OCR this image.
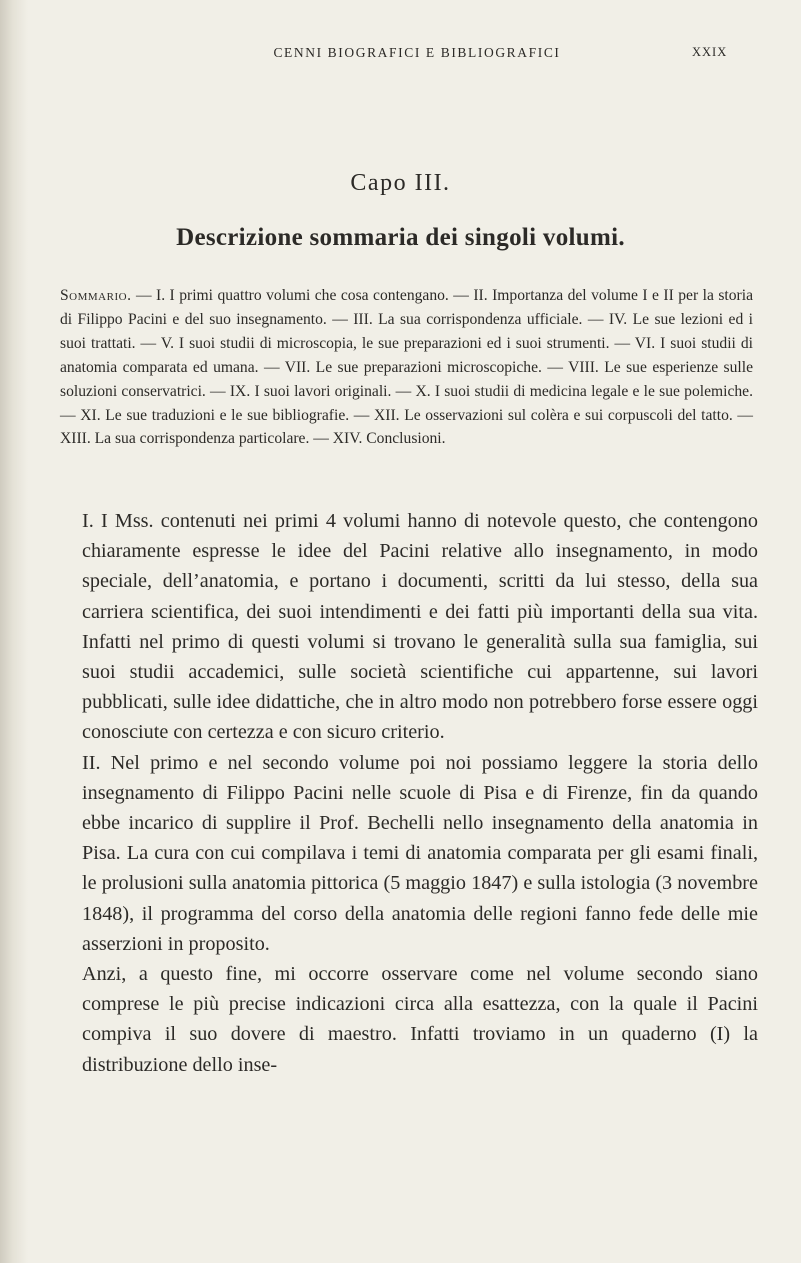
CENNI BIOGRAFICI E BIBLIOGRAFICI	XXIX
Capo III.
Descrizione sommaria dei singoli volumi.
Sommario. — I. I primi quattro volumi che cosa contengano. — II. Importanza del volume I e II per la storia di Filippo Pacini e del suo insegnamento. — III. La sua corrispondenza ufficiale. — IV. Le sue lezioni ed i suoi trattati. — V. I suoi studii di microscopia, le sue preparazioni ed i suoi strumenti. — VI. I suoi studii di anatomia comparata ed umana. — VII. Le sue preparazioni microscopiche. — VIII. Le sue esperienze sulle soluzioni conservatrici. — IX. I suoi lavori originali. — X. I suoi studii di medicina legale e le sue polemiche. — XI. Le sue traduzioni e le sue bibliografie. — XII. Le osservazioni sul colèra e sui corpuscoli del tatto. — XIII. La sua corrispondenza particolare. — XIV. Conclusioni.

I. I Mss. contenuti nei primi 4 volumi hanno di notevole questo, che contengono chiaramente espresse le idee del Pacini relative allo insegnamento, in modo speciale, dell’anatomia, e portano i documenti, scritti da lui stesso, della sua carriera scientifica, dei suoi intendimenti e dei fatti più importanti della sua vita. Infatti nel primo di questi volumi si trovano le generalità sulla sua famiglia, sui suoi studii accademici, sulle società scientifiche cui appartenne, sui lavori pubblicati, sulle idee didattiche, che in altro modo non potrebbero forse essere oggi conosciute con certezza e con sicuro criterio.

II. Nel primo e nel secondo volume poi noi possiamo leggere la storia dello insegnamento di Filippo Pacini nelle scuole di Pisa e di Firenze, fin da quando ebbe incarico di supplire il Prof. Bechelli nello insegnamento della anatomia in Pisa. La cura con cui compilava i temi di anatomia comparata per gli esami finali, le prolusioni sulla anatomia pittorica (5 maggio 1847) e sulla istologia (3 novembre 1848), il programma del corso della anatomia delle regioni fanno fede delle mie asserzioni in proposito.

Anzi, a questo fine, mi occorre osservare come nel volume secondo siano comprese le più precise indicazioni circa alla esattezza, con la quale il Pacini compiva il suo dovere di maestro. Infatti troviamo in un quaderno (I) la distribuzione dello inse-
